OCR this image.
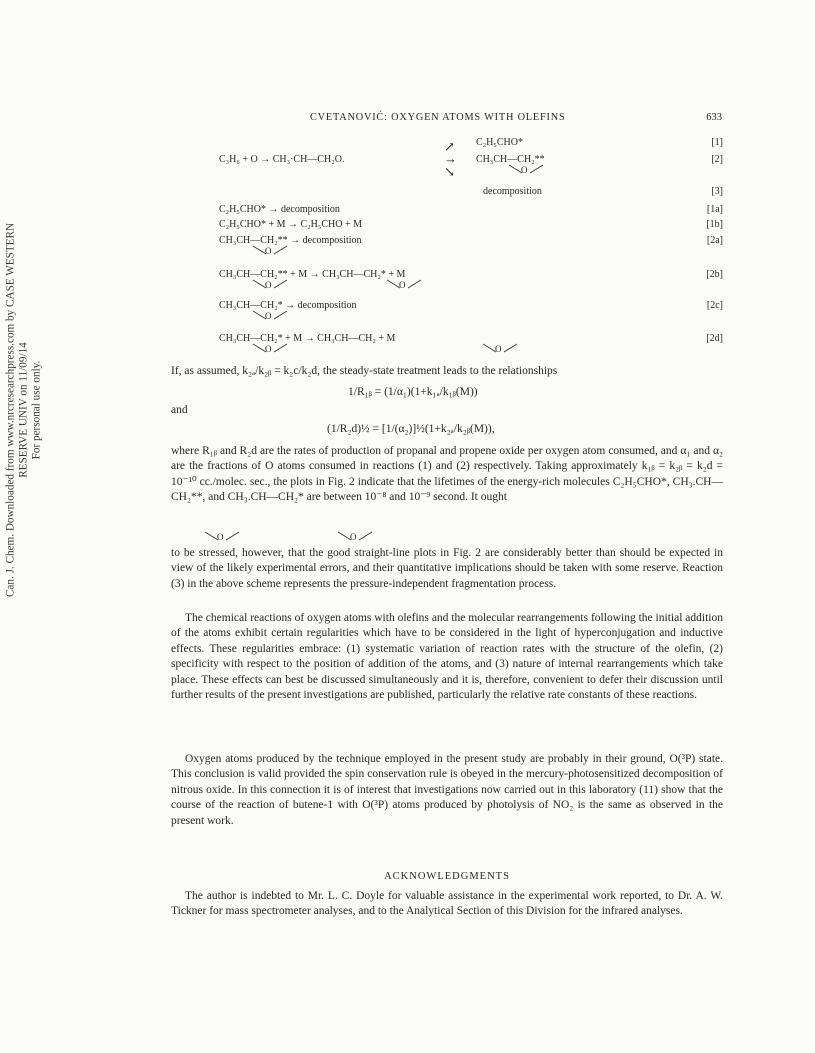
Can. J. Chem. Downloaded from www.nrcresearchpress.com by CASE WESTERN RESERVE UNIV on 11/09/14 For personal use only.
CVETANOVIĆ: OXYGEN ATOMS WITH OLEFINS	633
C₂H₅CHO*	[1]
↗
C₃H₆ + O → CH₃·CH—CH₂O.	→ CH₃CH—CH₂**	[2]
O
↘
decomposition	[3]
C₂H₅CHO* → decomposition	[1a]
C₂H₅CHO* + M → C₂H₅CHO + M	[1b]
CH₃CH—CH₂** → decomposition	[2a]
O
CH₃CH—CH₂** + M → CH₃CH—CH₂* + M	[2b]
O	O
CH₃CH—CH₂* → decomposition	[2c]
O
CH₃CH—CH₂* + M → CH₃CH—CH₂ + M	[2d]
O	O

If, as assumed, k₂ₐ/k₂ᵦ = k₂c/k₂d, the steady-state treatment leads to the relationships

1/R₁ᵦ = (1/α₁)(1+k₁ₐ/k₁ᵦ(M))
and
(1/R₂d)½ = [1/(α₂)]½(1+k₂ₐ/k₂ᵦ(M)),

where R₁ᵦ and R₂d are the rates of production of propanal and propene oxide per oxygen atom consumed, and α₁ and α₂ are the fractions of O atoms consumed in reactions (1) and (2) respectively. Taking approximately k₁ᵦ = k₂ᵦ = k₂d = 10⁻¹⁰ cc./molec. sec., the plots in Fig. 2 indicate that the lifetimes of the energy-rich molecules C₂H₅CHO*, CH₃.CH—CH₂**, and CH₃.CH—CH₂* are between 10⁻⁸ and 10⁻⁹ second. It ought

O	O

to be stressed, however, that the good straight-line plots in Fig. 2 are considerably better than should be expected in view of the likely experimental errors, and their quantitative implications should be taken with some reserve. Reaction (3) in the above scheme represents the pressure-independent fragmentation process.

The chemical reactions of oxygen atoms with olefins and the molecular rearrangements following the initial addition of the atoms exhibit certain regularities which have to be considered in the light of hyperconjugation and inductive effects. These regularities embrace: (1) systematic variation of reaction rates with the structure of the olefin, (2) specificity with respect to the position of addition of the atoms, and (3) nature of internal rearrangements which take place. These effects can best be discussed simultaneously and it is, therefore, convenient to defer their discussion until further results of the present investigations are published, particularly the relative rate constants of these reactions.

Oxygen atoms produced by the technique employed in the present study are probably in their ground, O(³P) state. This conclusion is valid provided the spin conservation rule is obeyed in the mercury-photosensitized decomposition of nitrous oxide. In this connection it is of interest that investigations now carried out in this laboratory (11) show that the course of the reaction of butene-1 with O(³P) atoms produced by photolysis of NO₂ is the same as observed in the present work.

ACKNOWLEDGMENTS

The author is indebted to Mr. L. C. Doyle for valuable assistance in the experimental work reported, to Dr. A. W. Tickner for mass spectrometer analyses, and to the Analytical Section of this Division for the infrared analyses.
